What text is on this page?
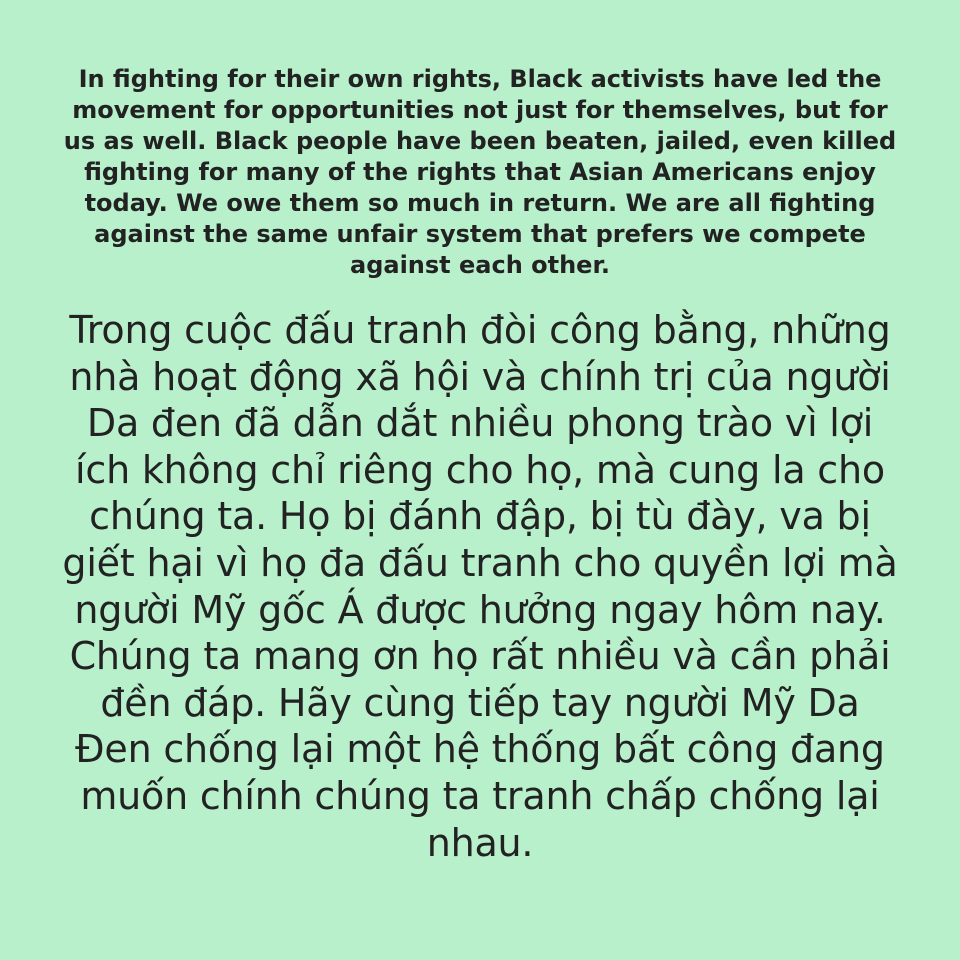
In fighting for their own rights, Black activists have led the
movement for opportunities not just for themselves, but for
us as well. Black people have been beaten, jailed, even killed
fighting for many of the rights that Asian Americans enjoy
today. We owe them so much in return. We are all fighting
against the same unfair system that prefers we compete
against each other.
Trong cuộc đấu tranh đòi công bằng, những
nhà hoạt động xã hội và chính trị của người
Da đen đã dẫn dắt nhiều phong trào vì lợi
ích không chỉ riêng cho họ, mà cung la cho
chúng ta. Họ bị đánh đập, bị tù đày, va bị
giết hại vì họ đa đấu tranh cho quyền lợi mà
người Mỹ gốc Á được hưởng ngay hôm nay.
Chúng ta mang ơn họ rất nhiều và cần phải
đền đáp. Hãy cùng tiếp tay người Mỹ Da
Đen chống lại một hệ thống bất công đang
muốn chính chúng ta tranh chấp chống lại
nhau.
